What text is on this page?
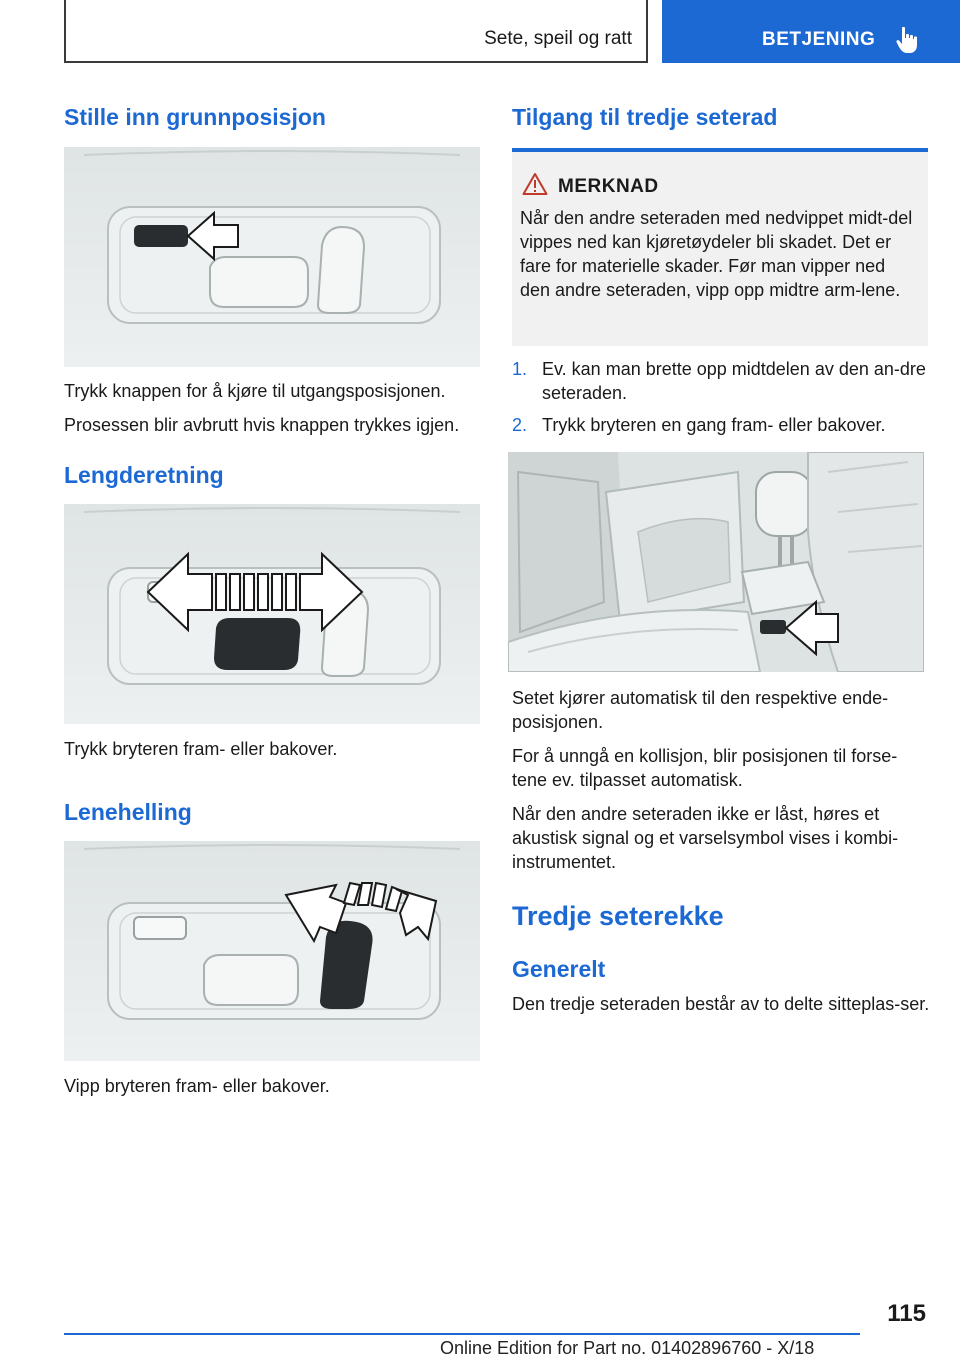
Sete, speil og ratt	BETJENING
Stille inn grunnposisjon

Trykk knappen for å kjøre til utgangsposisjonen.

Prosessen blir avbrutt hvis knappen trykkes igjen.

Lengderetning

Trykk bryteren fram- eller bakover.

Lenehelling

Vipp bryteren fram- eller bakover.

Tilgang til tredje seterad
MERKNAD
Når den andre seteraden med nedvippet midt-del vippes ned kan kjøretøydeler bli skadet. Det er fare for materielle skader. Før man vipper ned den andre seteraden, vipp opp midtre arm-lene.
1. Ev. kan man brette opp midtdelen av den an-dre seteraden.
2. Trykk bryteren en gang fram- eller bakover.

Setet kjører automatisk til den respektive ende-posisjonen.

For å unngå en kollisjon, blir posisjonen til forse-tene ev. tilpasset automatisk.

Når den andre seteraden ikke er låst, høres et akustisk signal og et varselsymbol vises i kombi-instrumentet.

Tredje seterekke
Generelt

Den tredje seteraden består av to delte sitteplas-ser.

115
Online Edition for Part no. 01402896760 - X/18
